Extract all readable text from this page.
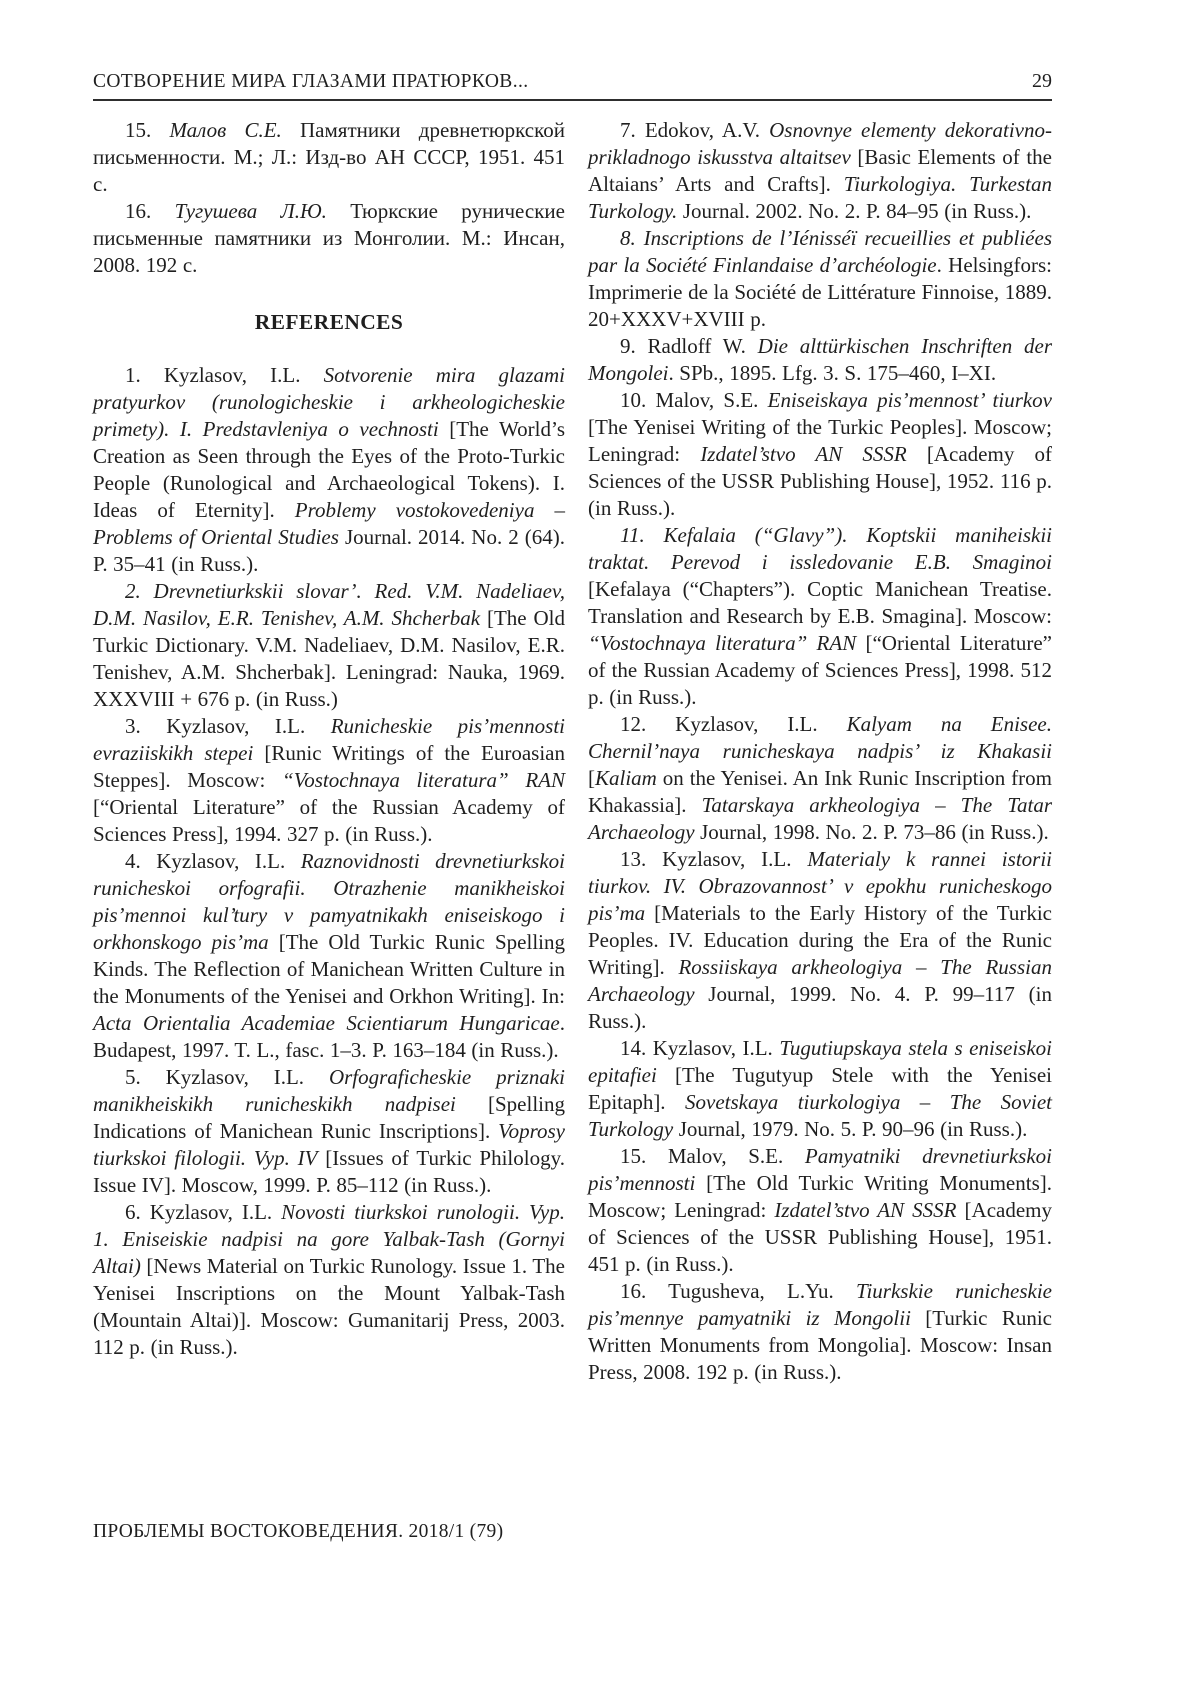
СОТВОРЕНИЕ МИРА ГЛАЗАМИ ПРАТЮРКОВ...	29

15. Малов С.Е. Памятники древнетюркской письменности. М.; Л.: Изд-во АН СССР, 1951. 451 с.

16. Тугушева Л.Ю. Тюркские рунические письменные памятники из Монголии. М.: Инсан, 2008. 192 с.

REFERENCES

1. Kyzlasov, I.L. Sotvorenie mira glazami pratyurkov (runologicheskie i arkheologicheskie primety). I. Predstavleniya o vechnosti [The World’s Creation as Seen through the Eyes of the Proto-Turkic People (Runological and Archaeological Tokens). I. Ideas of Eternity]. Problemy vostokovedeniya – Problems of Oriental Studies Journal. 2014. No. 2 (64). P. 35–41 (in Russ.).

2. Drevnetiurkskii slovar’. Red. V.M. Nadeliaev, D.M. Nasilov, E.R. Tenishev, A.M. Shcherbak [The Old Turkic Dictionary. V.M. Nadeliaev, D.M. Nasilov, E.R. Tenishev, A.M. Shcherbak]. Leningrad: Nauka, 1969. XXXVIII + 676 p. (in Russ.)

3. Kyzlasov, I.L. Runicheskie pis’mennosti evraziiskikh stepei [Runic Writings of the Euroasian Steppes]. Moscow: “Vostochnaya literatura” RAN [“Oriental Literature” of the Russian Academy of Sciences Press], 1994. 327 p. (in Russ.).

4. Kyzlasov, I.L. Raznovidnosti drevnetiurkskoi runicheskoi orfografii. Otrazhenie manikheiskoi pis’mennoi kul’tury v pamyatnikakh eniseiskogo i orkhonskogo pis’ma [The Old Turkic Runic Spelling Kinds. The Reflection of Manichean Written Culture in the Monuments of the Yenisei and Orkhon Writing]. In: Acta Orientalia Academiae Scientiarum Hungaricae. Budapest, 1997. T. L., fasc. 1–3. P. 163–184 (in Russ.).

5. Kyzlasov, I.L. Orfograficheskie priznaki manikheiskikh runicheskikh nadpisei [Spelling Indications of Manichean Runic Inscriptions]. Voprosy tiurkskoi filologii. Vyp. IV [Issues of Turkic Philology. Issue IV]. Moscow, 1999. P. 85–112 (in Russ.).

6. Kyzlasov, I.L. Novosti tiurkskoi runologii. Vyp. 1. Eniseiskie nadpisi na gore Yalbak-Tash (Gornyi Altai) [News Material on Turkic Runology. Issue 1. The Yenisei Inscriptions on the Mount Yalbak-Tash (Mountain Altai)]. Moscow: Gumanitarij Press, 2003. 112 p. (in Russ.).

7. Edokov, A.V. Osnovnye elementy dekorativno-prikladnogo iskusstva altaitsev [Basic Elements of the Altaians’ Arts and Crafts]. Tiurkologiya. Turkestan Turkology. Journal. 2002. No. 2. P. 84–95 (in Russ.).

8. Inscriptions de l’Iénisséï recueillies et publiées par la Société Finlandaise d’archéologie. Helsingfors: Imprimerie de la Société de Littérature Finnoise, 1889. 20+XXXV+XVIII p.

9. Radloff W. Die alttürkischen Inschriften der Mongolei. SPb., 1895. Lfg. 3. S. 175–460, I–XI.

10. Malov, S.E. Eniseiskaya pis’mennost’ tiurkov [The Yenisei Writing of the Turkic Peoples]. Moscow; Leningrad: Izdatel’stvo AN SSSR [Academy of Sciences of the USSR Publishing House], 1952. 116 p. (in Russ.).

11. Kefalaia (“Glavy”). Koptskii maniheiskii traktat. Perevod i issledovanie E.B. Smaginoi [Kefalaya (“Chapters”). Coptic Manichean Treatise. Translation and Research by E.B. Smagina]. Moscow: “Vostochnaya literatura” RAN [“Oriental Literature” of the Russian Academy of Sciences Press], 1998. 512 p. (in Russ.).

12. Kyzlasov, I.L. Kalyam na Enisee. Chernil’naya runicheskaya nadpis’ iz Khakasii [Kaliam on the Yenisei. An Ink Runic Inscription from Khakassia]. Tatarskaya arkheologiya – The Tatar Archaeology Journal, 1998. No. 2. P. 73–86 (in Russ.).

13. Kyzlasov, I.L. Materialy k rannei istorii tiurkov. IV. Obrazovannost’ v epokhu runicheskogo pis’ma [Materials to the Early History of the Turkic Peoples. IV. Education during the Era of the Runic Writing]. Rossiiskaya arkheologiya – The Russian Archaeology Journal, 1999. No. 4. P. 99–117 (in Russ.).

14. Kyzlasov, I.L. Tugutiupskaya stela s eniseiskoi epitafiei [The Tugutyup Stele with the Yenisei Epitaph]. Sovetskaya tiurkologiya – The Soviet Turkology Journal, 1979. No. 5. P. 90–96 (in Russ.).

15. Malov, S.E. Pamyatniki drevnetiurkskoi pis’mennosti [The Old Turkic Writing Monuments]. Moscow; Leningrad: Izdatel’stvo AN SSSR [Academy of Sciences of the USSR Publishing House], 1951. 451 p. (in Russ.).

16. Tugusheva, L.Yu. Tiurkskie runicheskie pis’mennye pamyatniki iz Mongolii [Turkic Runic Written Monuments from Mongolia]. Moscow: Insan Press, 2008. 192 p. (in Russ.).

ПРОБЛЕМЫ ВОСТОКОВЕДЕНИЯ. 2018/1 (79)
